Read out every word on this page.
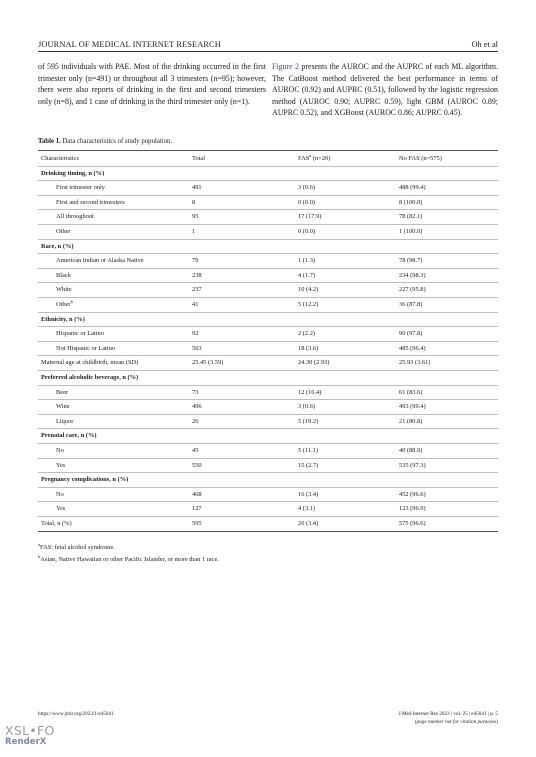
JOURNAL OF MEDICAL INTERNET RESEARCH	Oh et al
of 595 individuals with PAE. Most of the drinking occurred in the first trimester only (n=491) or throughout all 3 trimesters (n=95); however, there were also reports of drinking in the first and second trimesters only (n=8), and 1 case of drinking in the third trimester only (n=1).
Figure 2 presents the AUROC and the AUPRC of each ML algorithm. The CatBoost method delivered the best performance in terms of AUROC (0.92) and AUPRC (0.51), followed by the logistic regression method (AUROC 0.90; AUPRC 0.59), light GBM (AUROC 0.89; AUPRC 0.52), and XGBoost (AUROC 0.86; AUPRC 0.45).
Table 1. Data characteristics of study population.
Characteristics	Total	FAS$^a$ (n=20)	No FAS (n=575)
Drinking timing, n (%)
First trimester only	491	3 (0.6)	488 (99.4)
First and second trimesters	8	0 (0.0)	8 (100.0)
All throughout	95	17 (17.9)	78 (82.1)
Other	1	0 (0.0)	1 (100.0)
Race, n (%)
American Indian or Alaska Native	79	1 (1.3)	78 (98.7)
Black	238	4 (1.7)	234 (98.3)
White	237	10 (4.2)	227 (95.8)
Other$^b$	41	5 (12.2)	36 (87.8)
Ethnicity, n (%)
Hispanic or Latino	92	2 (2.2)	90 (97.8)
Not Hispanic or Latino	503	18 (3.6)	485 (96.4)
Maternal age at childbirth, mean (SD)	25.45 (3.59)	24.30 (2.93)	25.93 (3.61)
Preferred alcoholic beverage, n (%)
Beer	73	12 (16.4)	61 (83.6)
Wine	496	3 (0.6)	493 (99.4)
Liquor	26	5 (19.2)	21 (80.8)
Prenatal care, n (%)
No	45	5 (11.1)	40 (88.9)
Yes	550	15 (2.7)	535 (97.3)
Pregnancy complications, n (%)
No	468	16 (3.4)	452 (96.6)
Yes	127	4 (3.1)	123 (96.9)
Total, n (%)	595	20 (3.4)	575 (96.6)
$^a$FAS: fetal alcohol syndrome.
$^b$Asian, Native Hawaiian or other Pacific Islander, or more than 1 race.
https://www.jmir.org/2023/1/e45041	J Med Internet Res 2023 | vol. 25 | e45041 | p. 5
(page number not for citation purposes)
XSL•FO
RenderX
